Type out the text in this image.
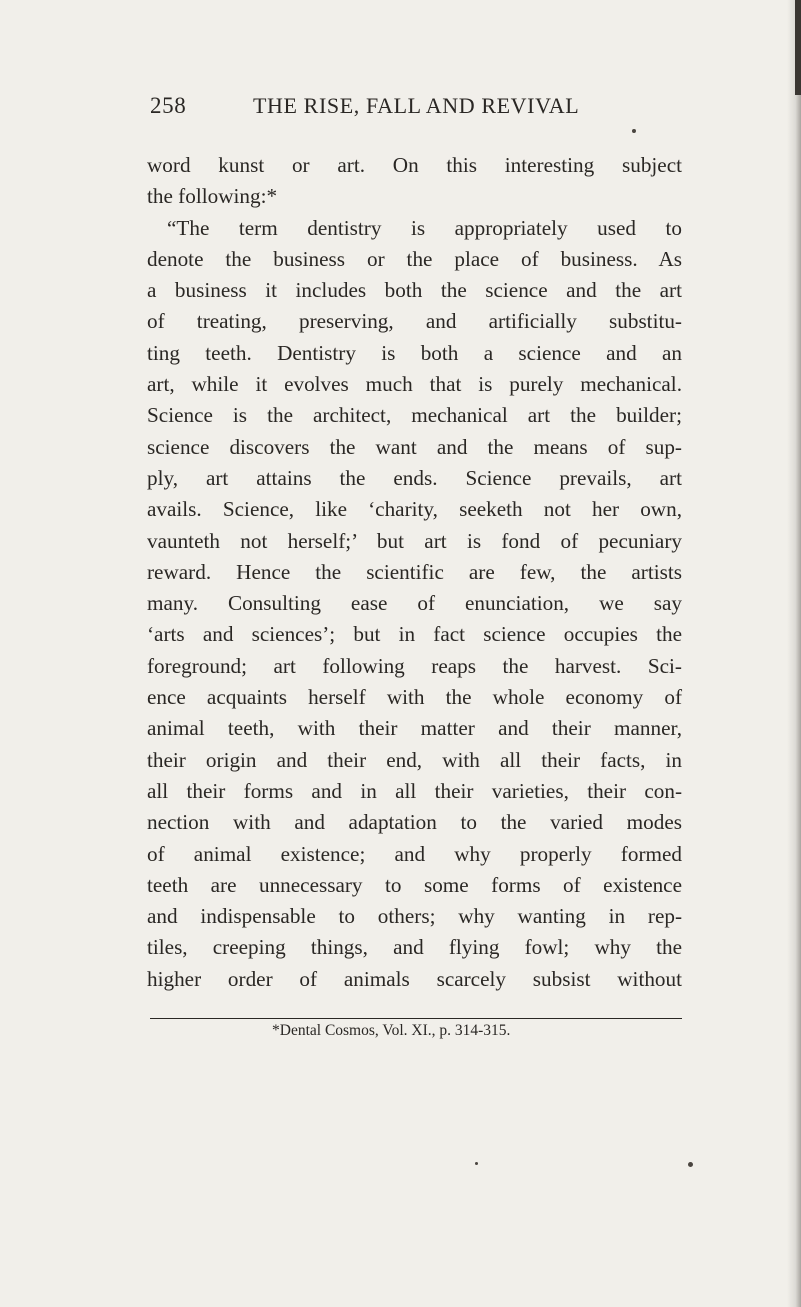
258	THE RISE, FALL AND REVIVAL
word kunst or art. On this interesting subject
the following:*
“The term dentistry is appropriately used to
denote the business or the place of business. As
a business it includes both the science and the art
of treating, preserving, and artificially substitu-
ting teeth. Dentistry is both a science and an
art, while it evolves much that is purely mechanical.
Science is the architect, mechanical art the builder;
science discovers the want and the means of sup-
ply, art attains the ends. Science prevails, art
avails. Science, like ‘charity, seeketh not her own,
vaunteth not herself;’ but art is fond of pecuniary
reward. Hence the scientific are few, the artists
many. Consulting ease of enunciation, we say
‘arts and sciences’; but in fact science occupies the
foreground; art following reaps the harvest. Sci-
ence acquaints herself with the whole economy of
animal teeth, with their matter and their manner,
their origin and their end, with all their facts, in
all their forms and in all their varieties, their con-
nection with and adaptation to the varied modes
of animal existence; and why properly formed
teeth are unnecessary to some forms of existence
and indispensable to others; why wanting in rep-
tiles, creeping things, and flying fowl; why the
higher order of animals scarcely subsist without
*Dental Cosmos, Vol. XI., p. 314-315.
